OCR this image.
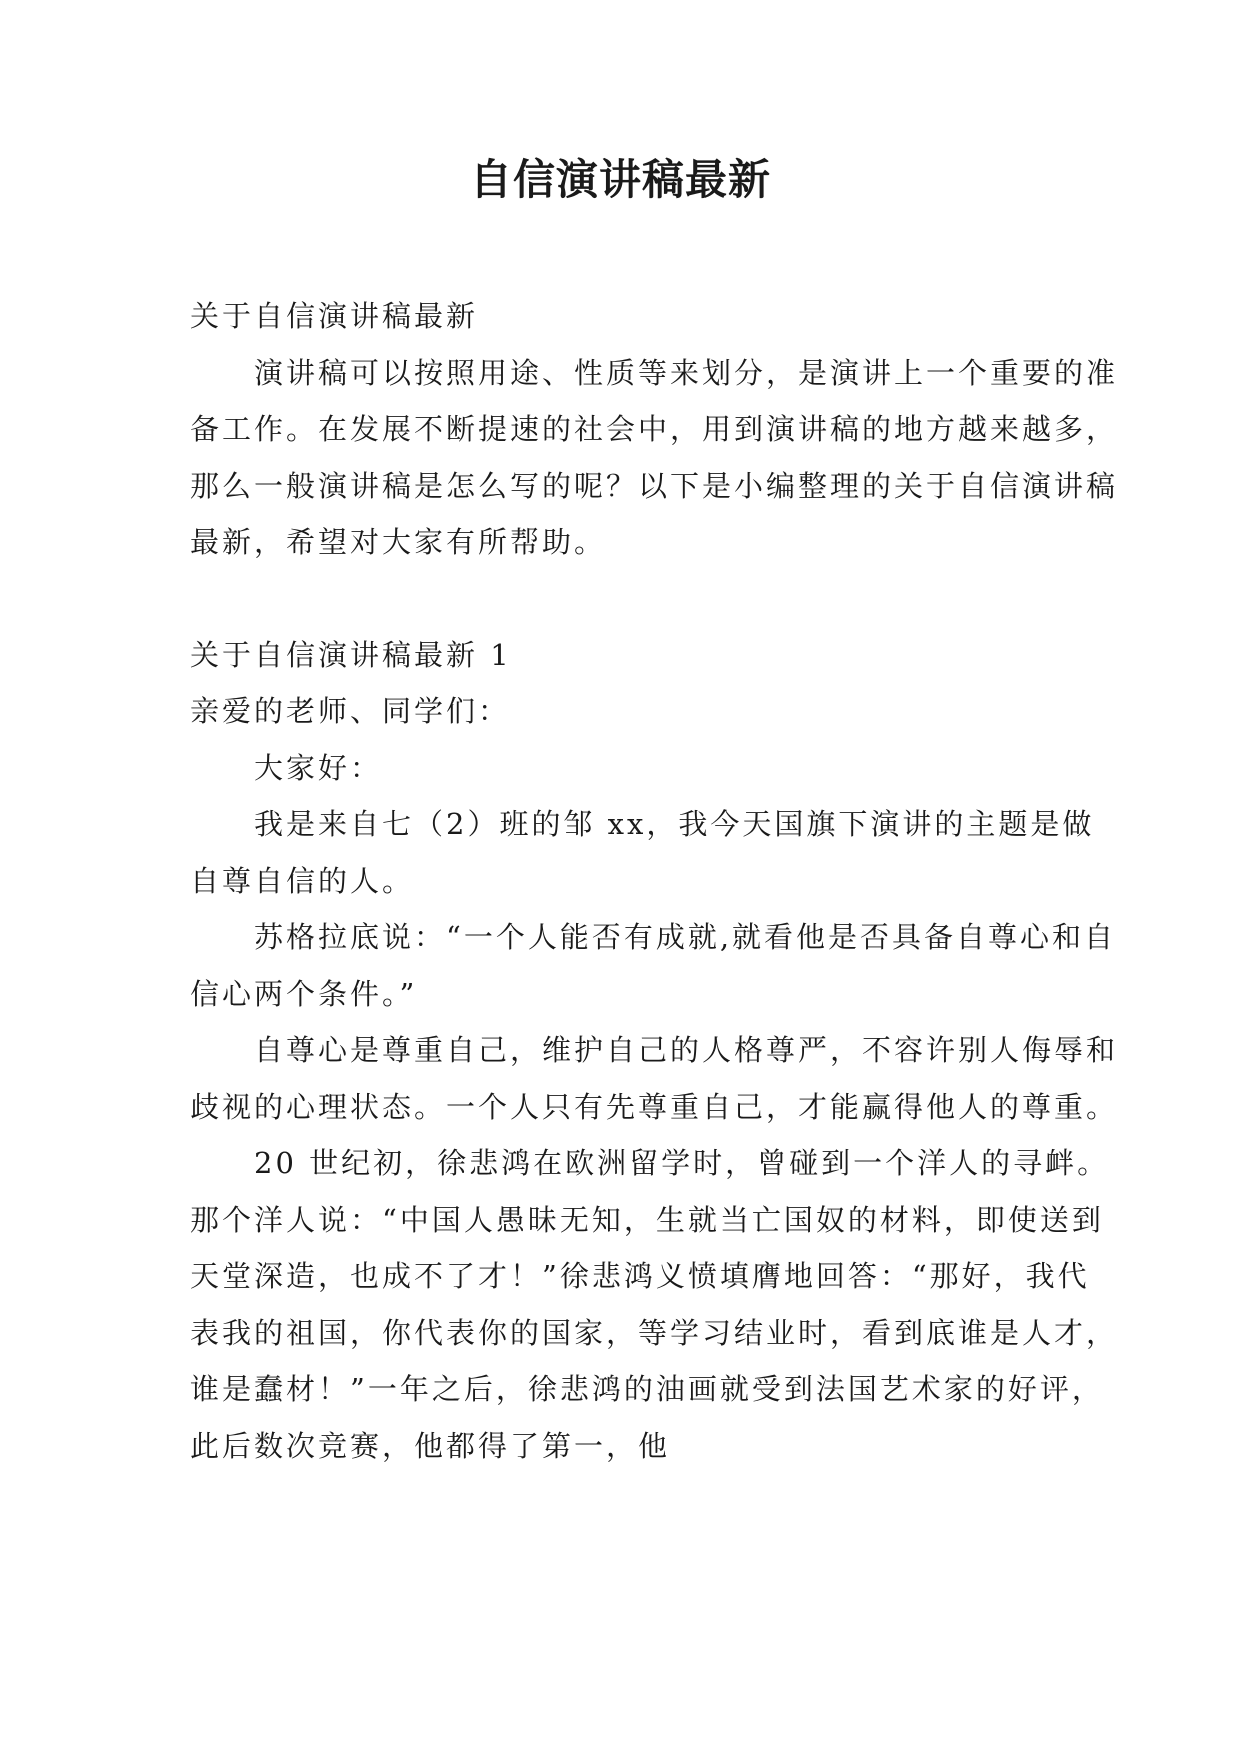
自信演讲稿最新

关于自信演讲稿最新

演讲稿可以按照用途、性质等来划分，是演讲上一个重要的准备工作。在发展不断提速的社会中，用到演讲稿的地方越来越多，那么一般演讲稿是怎么写的呢？以下是小编整理的关于自信演讲稿最新，希望对大家有所帮助。

关于自信演讲稿最新 1

亲爱的老师、同学们：

大家好：

我是来自七（2）班的邹 xx，我今天国旗下演讲的主题是做自尊自信的人。

苏格拉底说：“一个人能否有成就,就看他是否具备自尊心和自信心两个条件。”

自尊心是尊重自己，维护自己的人格尊严，不容许别人侮辱和歧视的心理状态。一个人只有先尊重自己，才能赢得他人的尊重。

20 世纪初，徐悲鸿在欧洲留学时，曾碰到一个洋人的寻衅。那个洋人说：“中国人愚昧无知，生就当亡国奴的材料，即使送到天堂深造，也成不了才！”徐悲鸿义愤填膺地回答：“那好，我代表我的祖国，你代表你的国家，等学习结业时，看到底谁是人才，谁是蠢材！”一年之后，徐悲鸿的油画就受到法国艺术家的好评，此后数次竞赛，他都得了第一，他
